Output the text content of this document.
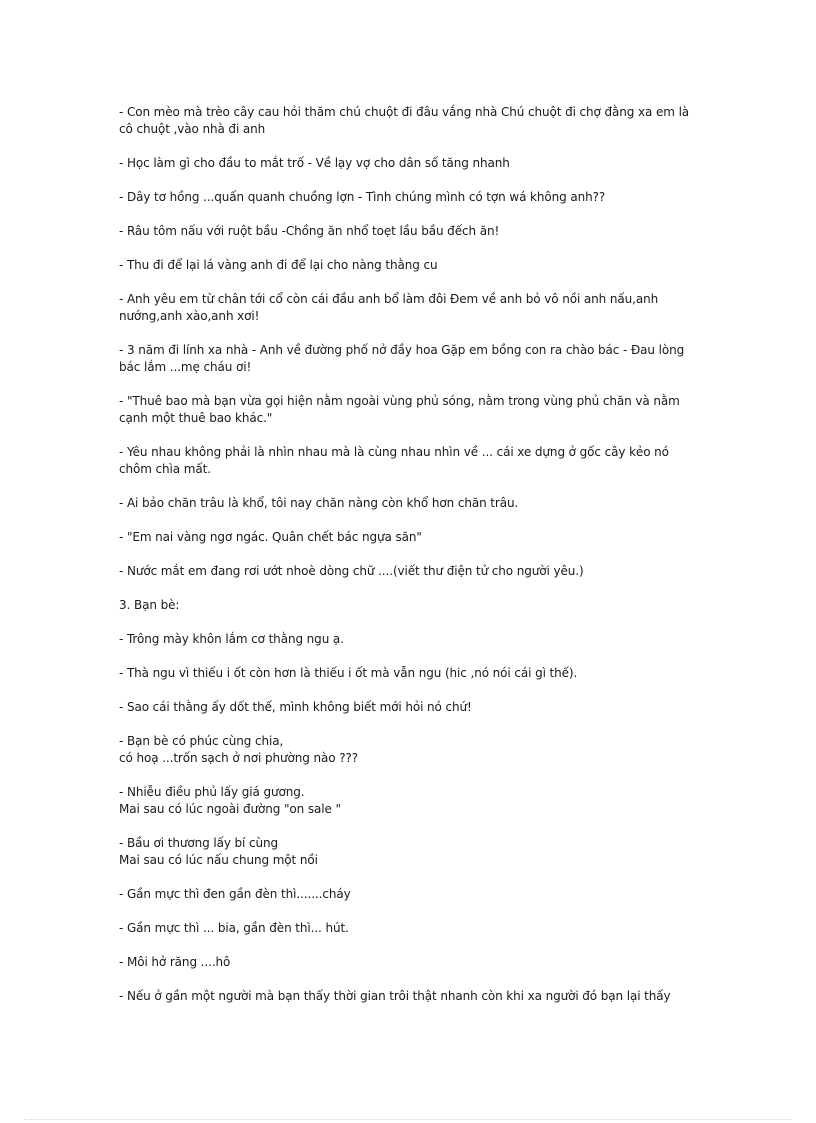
- Con mèo mà trèo cây cau hỏi thăm chú chuột đi đâu vắng nhà Chú chuột đi chợ đằng xa em là
cô chuột ,vào nhà đi anh

- Học làm gì cho đầu to mắt trố - Về lạy vợ cho dân số tăng nhanh

- Dây tơ hồng ...quấn quanh chuồng lợn - Tình chúng mình có tợn wá không anh??

- Râu tôm nấu với ruột bầu -Chồng ăn nhổ toẹt lầu bầu đếch ăn!

- Thu đi để lại lá vàng anh đi để lại cho nàng thằng cu

- Anh yêu em từ chân tới cổ còn cái đầu anh bổ làm đôi Đem về anh bỏ vô nồi anh nấu,anh
nướng,anh xào,anh xơi!

- 3 năm đi lính xa nhà - Anh về đường phố nở đầy hoa Gặp em bồng con ra chào bác - Đau lòng
bác lắm ...mẹ cháu ơi!

- "Thuê bao mà bạn vừa gọi hiện nằm ngoài vùng phủ sóng, nằm trong vùng phủ chăn và nằm
cạnh một thuê bao khác."

- Yêu nhau không phải là nhìn nhau mà là cùng nhau nhìn về ... cái xe dựng ở gốc cây kẻo nó
chôm chìa mất.

- Ai bảo chăn trâu là khổ, tôi nay chăn nàng còn khổ hơn chăn trâu.

- "Em nai vàng ngơ ngác. Quân chết bác ngựa săn"

- Nước mắt em đang rơi ướt nhoè dòng chữ ....(viết thư điện tử cho người yêu.)

3. Bạn bè:

- Trông mày khôn lắm cơ thằng ngu ạ.

- Thà ngu vì thiếu i ốt còn hơn là thiếu i ốt mà vẫn ngu (hic ,nó nói cái gì thế).

- Sao cái thằng ấy dốt thế, mình không biết mới hỏi nó chứ!

- Bạn bè có phúc cùng chia,
có hoạ ...trốn sạch ở nơi phường nào ???

- Nhiễu điều phủ lấy giá gương.
Mai sau có lúc ngoài đường "on sale "

- Bầu ơi thương lấy bí cùng
Mai sau có lúc nấu chung một nồi

- Gần mực thì đen gần đèn thì.......cháy

- Gần mực thì ... bia, gần đèn thì... hút.

- Môi hở răng ....hô

- Nếu ở gần một người mà bạn thấy thời gian trôi thật nhanh còn khi xa người đó bạn lại thấy
